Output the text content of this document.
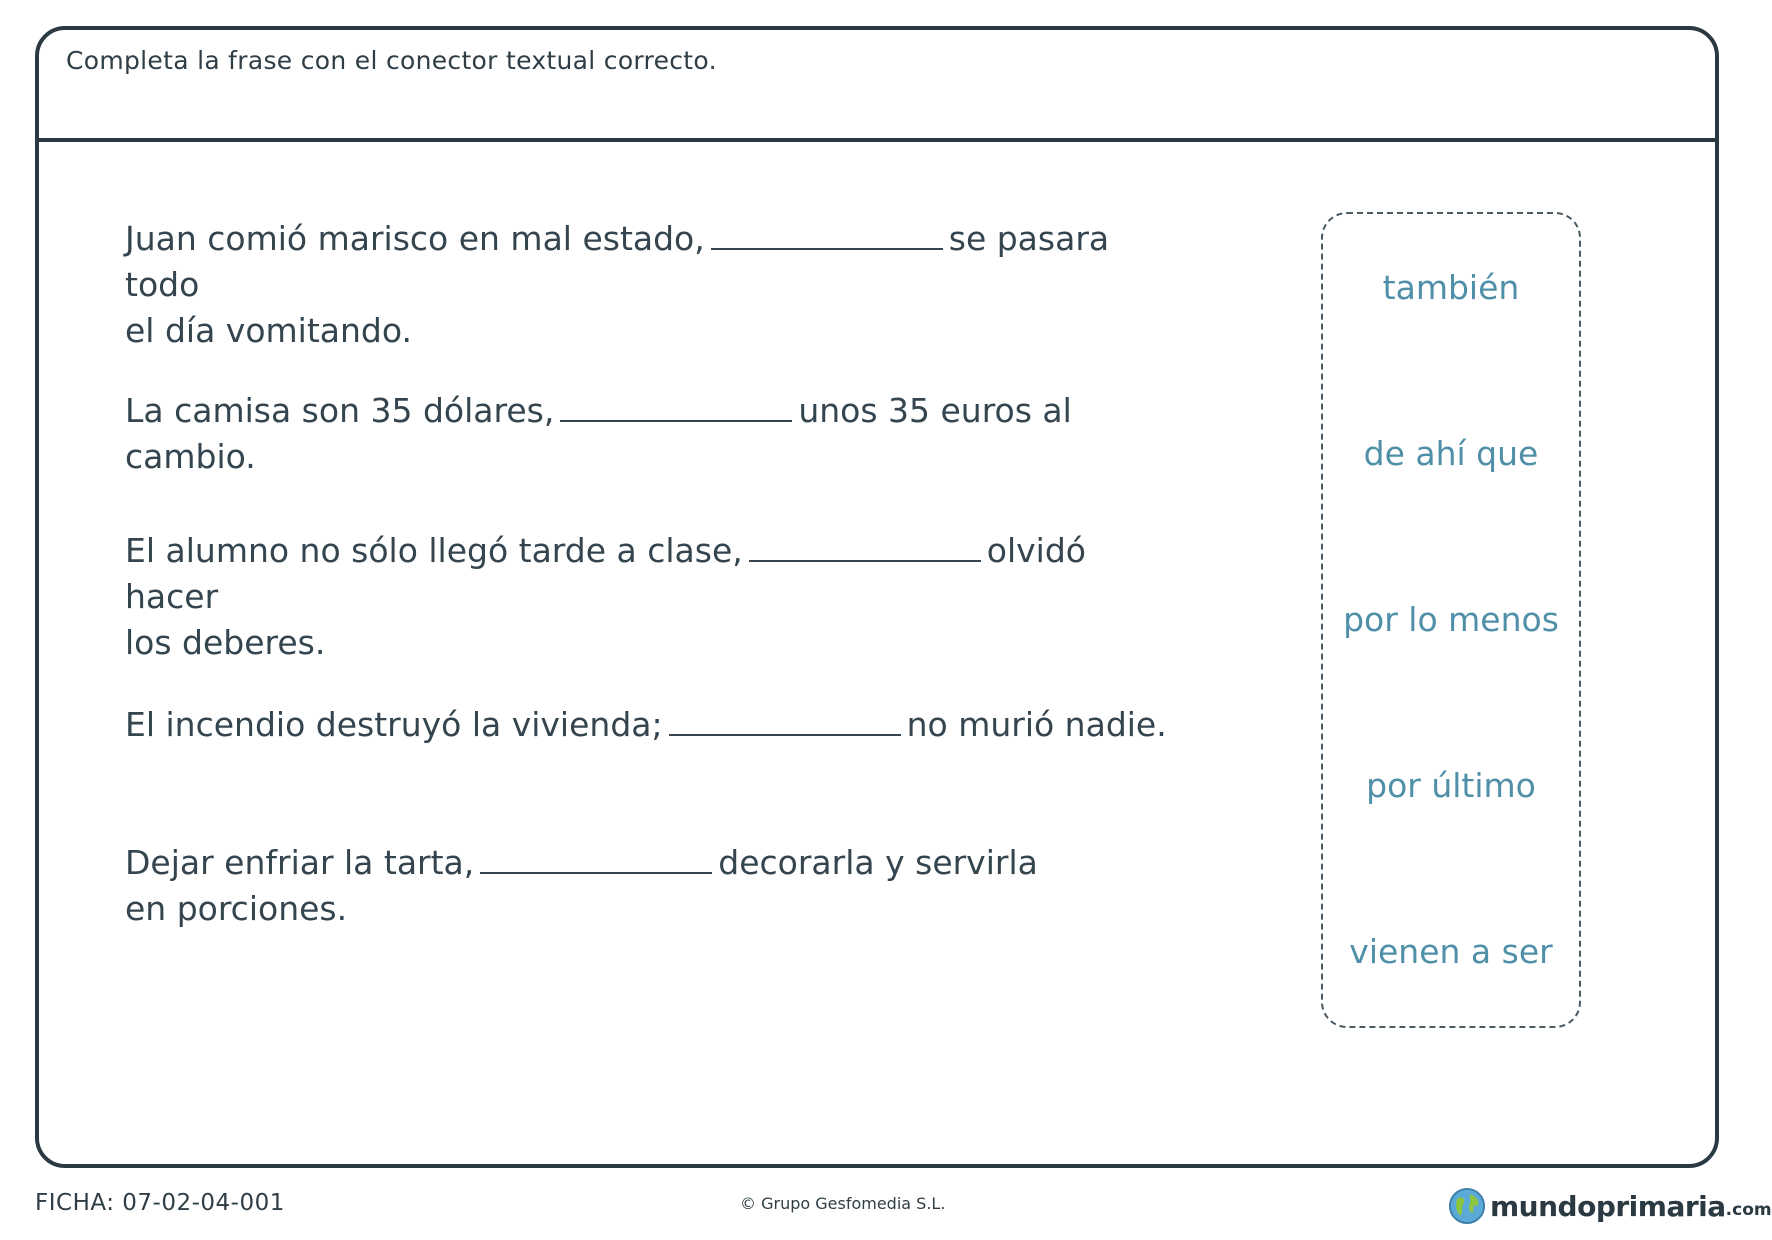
Completa la frase con el conector textual correcto.
Juan comió marisco en mal estado,	se pasara todo
el día vomitando.
La camisa son 35 dólares,	unos 35 euros al cambio.
El alumno no sólo llegó tarde a clase,	olvidó hacer
los deberes.
El incendio destruyó la vivienda;	no murió nadie.
Dejar enfriar la tarta,	decorarla y servirla
en porciones.
también
de ahí que
por lo menos
por último
vienen a ser
FICHA: 07-02-04-001	© Grupo Gesfomedia S.L.	mundoprimaria .com
